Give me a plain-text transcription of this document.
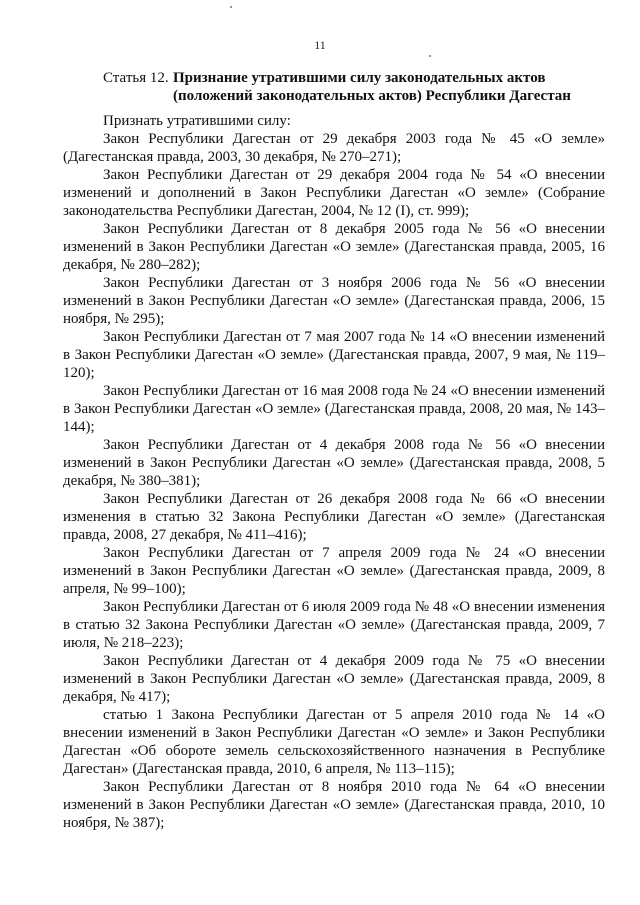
11
Статья 12. Признание утратившими силу законодательных актов (положений законодательных актов) Республики Дагестан

Признать утратившими силу:

Закон Республики Дагестан от 29 декабря 2003 года № 45 «О земле» (Дагестанская правда, 2003, 30 декабря, № 270–271);

Закон Республики Дагестан от 29 декабря 2004 года № 54 «О внесении изменений и дополнений в Закон Республики Дагестан «О земле» (Собрание законодательства Республики Дагестан, 2004, № 12 (I), ст. 999);

Закон Республики Дагестан от 8 декабря 2005 года № 56 «О внесении изменений в Закон Республики Дагестан «О земле» (Дагестанская правда, 2005, 16 декабря, № 280–282);

Закон Республики Дагестан от 3 ноября 2006 года № 56 «О внесении изменений в Закон Республики Дагестан «О земле» (Дагестанская правда, 2006, 15 ноября, № 295);

Закон Республики Дагестан от 7 мая 2007 года № 14 «О внесении изменений в Закон Республики Дагестан «О земле» (Дагестанская правда, 2007, 9 мая, № 119–120);

Закон Республики Дагестан от 16 мая 2008 года № 24 «О внесении изменений в Закон Республики Дагестан «О земле» (Дагестанская правда, 2008, 20 мая, № 143–144);

Закон Республики Дагестан от 4 декабря 2008 года № 56 «О внесении изменений в Закон Республики Дагестан «О земле» (Дагестанская правда, 2008, 5 декабря, № 380–381);

Закон Республики Дагестан от 26 декабря 2008 года № 66 «О внесении изменения в статью 32 Закона Республики Дагестан «О земле» (Дагестанская правда, 2008, 27 декабря, № 411–416);

Закон Республики Дагестан от 7 апреля 2009 года № 24 «О внесении изменений в Закон Республики Дагестан «О земле» (Дагестанская правда, 2009, 8 апреля, № 99–100);

Закон Республики Дагестан от 6 июля 2009 года № 48 «О внесении изменения в статью 32 Закона Республики Дагестан «О земле» (Дагестанская правда, 2009, 7 июля, № 218–223);

Закон Республики Дагестан от 4 декабря 2009 года № 75 «О внесении изменений в Закон Республики Дагестан «О земле» (Дагестанская правда, 2009, 8 декабря, № 417);

статью 1 Закона Республики Дагестан от 5 апреля 2010 года № 14 «О внесении изменений в Закон Республики Дагестан «О земле» и Закон Республики Дагестан «Об обороте земель сельскохозяйственного назначения в Республике Дагестан» (Дагестанская правда, 2010, 6 апреля, № 113–115);

Закон Республики Дагестан от 8 ноября 2010 года № 64 «О внесении изменений в Закон Республики Дагестан «О земле» (Дагестанская правда, 2010, 10 ноября, № 387);
